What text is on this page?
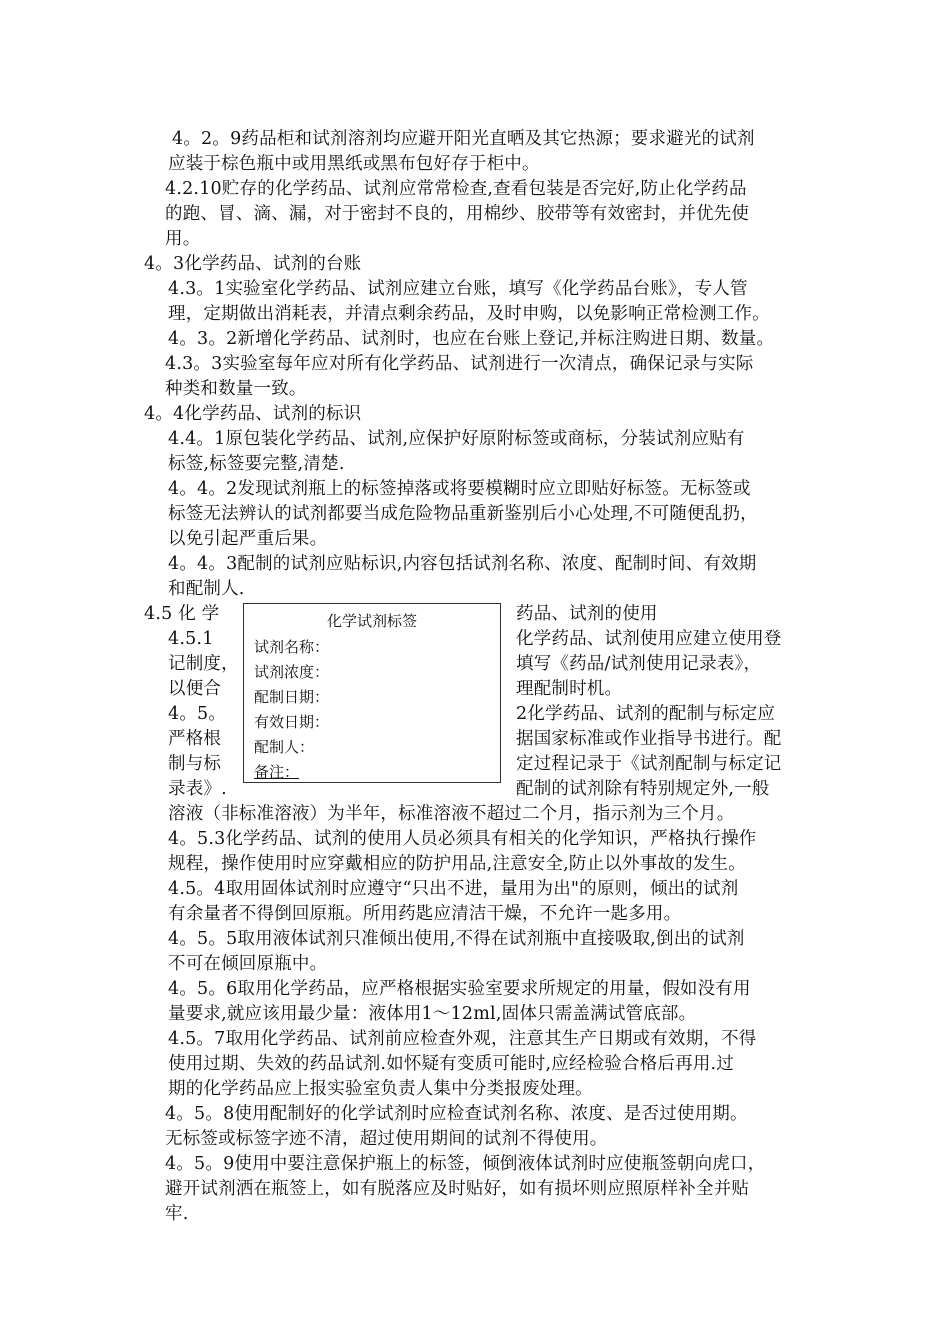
4。2。9药品柜和试剂溶剂均应避开阳光直晒及其它热源；要求避光的试剂
应装于棕色瓶中或用黑纸或黑布包好存于柜中。
4.2.10贮存的化学药品、试剂应常常检查,查看包装是否完好,防止化学药品
的跑、冒、滴、漏，对于密封不良的，用棉纱、胶带等有效密封，并优先使
用。
4。3化学药品、试剂的台账
4.3。1实验室化学药品、试剂应建立台账，填写《化学药品台账》，专人管
理，定期做出消耗表，并清点剩余药品，及时申购，以免影响正常检测工作。
4。3。2新增化学药品、试剂时，也应在台账上登记,并标注购进日期、数量。
4.3。3实验室每年应对所有化学药品、试剂进行一次清点，确保记录与实际
种类和数量一致。
4。4化学药品、试剂的标识
4.4。1原包装化学药品、试剂,应保护好原附标签或商标，分装试剂应贴有
标签,标签要完整,清楚.
4。4。2发现试剂瓶上的标签掉落或将要模糊时应立即贴好标签。无标签或
标签无法辨认的试剂都要当成危险物品重新鉴别后小心处理,不可随便乱扔，
以免引起严重后果。
4。4。3配制的试剂应贴标识,内容包括试剂名称、浓度、配制时间、有效期
和配制人.
4.5 化 学	药品、试剂的使用
4.5.1	化学药品、试剂使用应建立使用登
记制度，	填写《药品/试剂使用记录表》，
以便合	理配制时机。
4。5。	2化学药品、试剂的配制与标定应
严格根	据国家标准或作业指导书进行。配
制与标	定过程记录于《试剂配制与标定记
录表》.	配制的试剂除有特别规定外,一般
化学试剂标签
试剂名称：
试剂浓度：
配制日期：
有效日期：
配制人：
备注：
溶液（非标准溶液）为半年，标准溶液不超过二个月，指示剂为三个月。
4。5.3化学药品、试剂的使用人员必须具有相关的化学知识，严格执行操作
规程，操作使用时应穿戴相应的防护用品,注意安全,防止以外事故的发生。
4.5。4取用固体试剂时应遵守“只出不进，量用为出"的原则，倾出的试剂
有余量者不得倒回原瓶。所用药匙应清洁干燥，不允许一匙多用。
4。5。5取用液体试剂只准倾出使用,不得在试剂瓶中直接吸取,倒出的试剂
不可在倾回原瓶中。
4。5。6取用化学药品，应严格根据实验室要求所规定的用量，假如没有用
量要求,就应该用最少量：液体用1～12ml,固体只需盖满试管底部。
4.5。7取用化学药品、试剂前应检查外观，注意其生产日期或有效期，不得
使用过期、失效的药品试剂.如怀疑有变质可能时,应经检验合格后再用.过
期的化学药品应上报实验室负责人集中分类报废处理。
4。5。8使用配制好的化学试剂时应检查试剂名称、浓度、是否过使用期。
无标签或标签字迹不清，超过使用期间的试剂不得使用。
4。5。9使用中要注意保护瓶上的标签，倾倒液体试剂时应使瓶签朝向虎口，
避开试剂洒在瓶签上，如有脱落应及时贴好，如有损坏则应照原样补全并贴
牢.
